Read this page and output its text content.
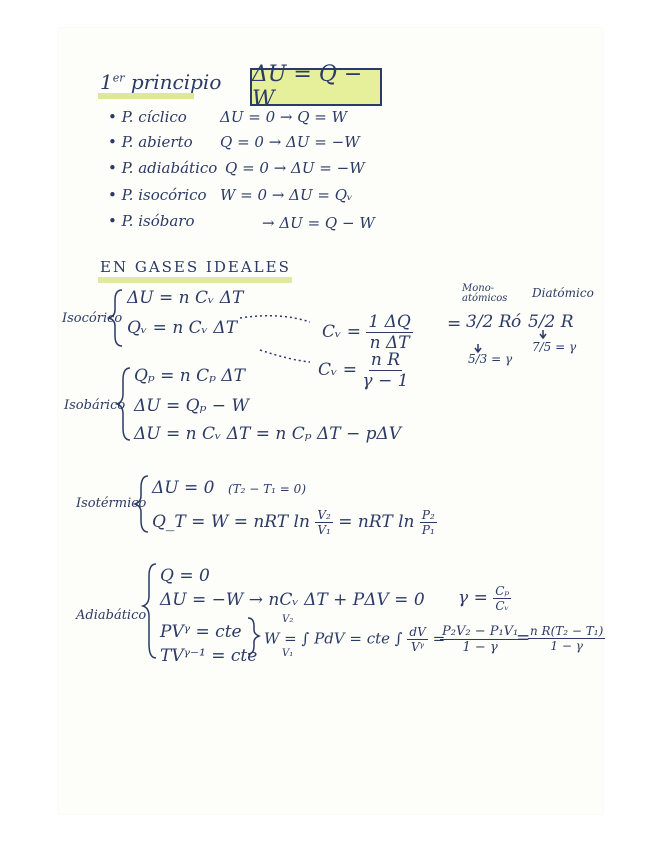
1er principio ΔU = Q − W
• P. cíclico ΔU = 0 → Q = W
• P. abierto Q = 0 → ΔU = −W
• P. adiabático Q = 0 → ΔU = −W
• P. isocórico W = 0 → ΔU = Qᵥ
• P. isóbaro	→ ΔU = Q − W
EN GASES IDEALES
Isocórico
ΔU = n Cᵥ ΔT
Qᵥ = n Cᵥ ΔT	Cᵥ = $\frac{1 \Delta Q}{\text{n ΔT}}$ =
Mono-atómicos Diatómico
3/2 R ó 5/2 R
5/3 = γ
7/5 = γ
Cᵥ = $\frac{\text{n R}}{\gamma - 1}$
Isobárico
Qₚ = n Cₚ ΔT
ΔU = Qₚ − W
ΔU = n Cᵥ ΔT = n Cₚ ΔT − pΔV
Isotérmico
ΔU = 0 (T₂ − T₁ = 0)
Q_T = W = nRT $\ln \frac{\text{V₂}}{\text{V₁}}$ = nRT $\ln \frac{\text{P₂}}{\text{P₁}}$
Adiabático
Q = 0
ΔU = −W → nCᵥ ΔT + PΔV = 0 $\gamma = \frac{\text{Cₚ}}{\text{Cᵥ}}$
PVᵞ = cte
TVᵞ⁻¹ = cte
V₂
V₁
W = ∫ PdV = cte ∫ $\frac{dV}{\text{Vᵞ}}$ =
$\frac{\text{P₂V₂ − P₁V₁}}{1 - \gamma}$
=
$\frac{\text{n R(T₂ − T₁)}}{1 - \gamma}$
